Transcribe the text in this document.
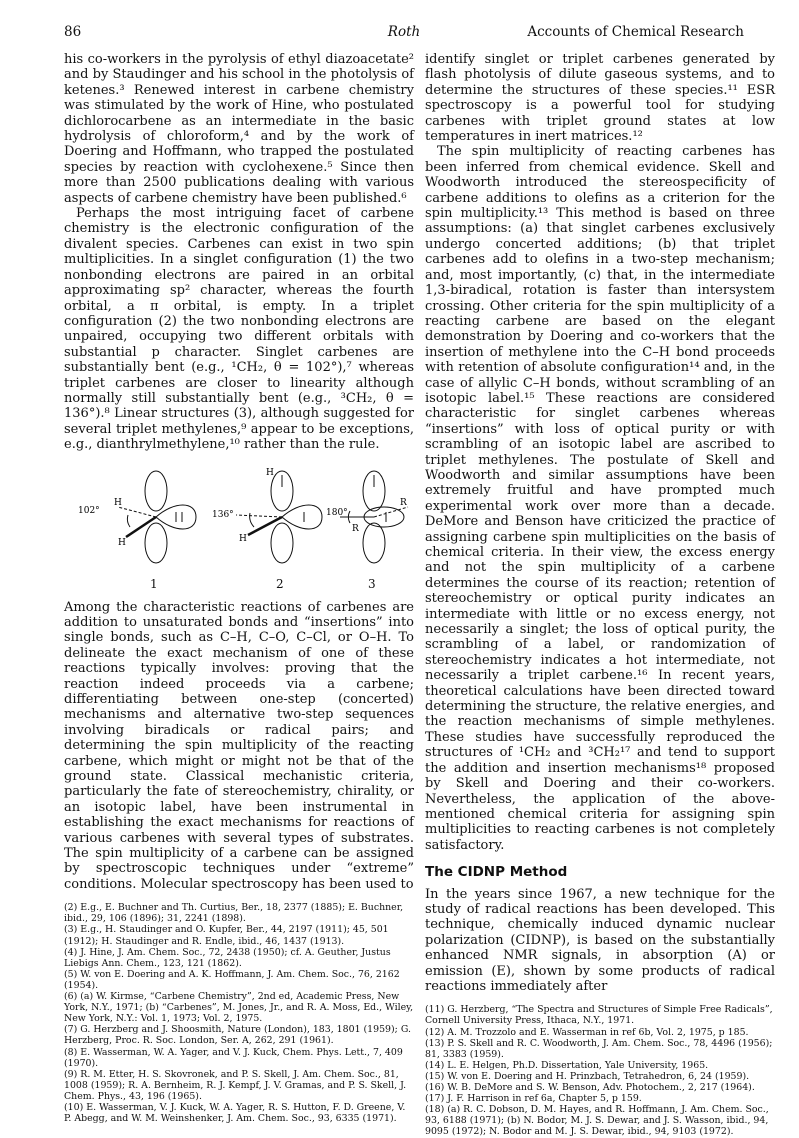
86	Roth	Accounts of Chemical Research

his co-workers in the pyrolysis of ethyl diazoacetate² and by Staudinger and his school in the photolysis of ketenes.³ Renewed interest in carbene chemistry was stimulated by the work of Hine, who postulated dichlorocarbene as an intermediate in the basic hydrolysis of chloroform,⁴ and by the work of Doering and Hoffmann, who trapped the postulated species by reaction with cyclohexene.⁵ Since then more than 2500 publications dealing with various aspects of carbene chemistry have been published.⁶

Perhaps the most intriguing facet of carbene chemistry is the electronic configuration of the divalent species. Carbenes can exist in two spin multiplicities. In a singlet configuration (1) the two nonbonding electrons are paired in an orbital approximating sp² character, whereas the fourth orbital, a π orbital, is empty. In a triplet configuration (2) the two nonbonding electrons are unpaired, occupying two different orbitals with substantial p character. Singlet carbenes are substantially bent (e.g., ¹CH₂, θ = 102°),⁷ whereas triplet carbenes are closer to linearity although normally still substantially bent (e.g., ³CH₂, θ = 136°).⁸ Linear structures (3), although suggested for several triplet methylenes,⁹ appear to be exceptions, e.g., dianthrylmethylene,¹⁰ rather than the rule.

102°
H
H
136°
H
H
180°
R
R
1	2	3

Among the characteristic reactions of carbenes are addition to unsaturated bonds and “insertions” into single bonds, such as C–H, C–O, C–Cl, or O–H. To delineate the exact mechanism of one of these reactions typically involves: proving that the reaction indeed proceeds via a carbene; differentiating between one-step (concerted) mechanisms and alternative two-step sequences involving biradicals or radical pairs; and determining the spin multiplicity of the reacting carbene, which might or might not be that of the ground state. Classical mechanistic criteria, particularly the fate of stereochemistry, chirality, or an isotopic label, have been instrumental in establishing the exact mechanisms for reactions of various carbenes with several types of substrates. The spin multiplicity of a carbene can be assigned by spectroscopic techniques under “extreme” conditions. Molecular spectroscopy has been used to

(2) E.g., E. Buchner and Th. Curtius, Ber., 18, 2377 (1885); E. Buchner, ibid., 29, 106 (1896); 31, 2241 (1898).
(3) E.g., H. Staudinger and O. Kupfer, Ber., 44, 2197 (1911); 45, 501 (1912); H. Staudinger and R. Endle, ibid., 46, 1437 (1913).
(4) J. Hine, J. Am. Chem. Soc., 72, 2438 (1950); cf. A. Geuther, Justus Liebigs Ann. Chem., 123, 121 (1862).
(5) W. von E. Doering and A. K. Hoffmann, J. Am. Chem. Soc., 76, 2162 (1954).
(6) (a) W. Kirmse, “Carbene Chemistry”, 2nd ed, Academic Press, New York, N.Y., 1971; (b) “Carbenes”, M. Jones, Jr., and R. A. Moss, Ed., Wiley, New York, N.Y.: Vol. 1, 1973; Vol. 2, 1975.
(7) G. Herzberg and J. Shoosmith, Nature (London), 183, 1801 (1959); G. Herzberg, Proc. R. Soc. London, Ser. A, 262, 291 (1961).
(8) E. Wasserman, W. A. Yager, and V. J. Kuck, Chem. Phys. Lett., 7, 409 (1970).
(9) R. M. Etter, H. S. Skovronek, and P. S. Skell, J. Am. Chem. Soc., 81, 1008 (1959); R. A. Bernheim, R. J. Kempf, J. V. Gramas, and P. S. Skell, J. Chem. Phys., 43, 196 (1965).
(10) E. Wasserman, V. J. Kuck, W. A. Yager, R. S. Hutton, F. D. Greene, V. P. Abegg, and W. M. Weinshenker, J. Am. Chem. Soc., 93, 6335 (1971).

identify singlet or triplet carbenes generated by flash photolysis of dilute gaseous systems, and to determine the structures of these species.¹¹ ESR spectroscopy is a powerful tool for studying carbenes with triplet ground states at low temperatures in inert matrices.¹²

The spin multiplicity of reacting carbenes has been inferred from chemical evidence. Skell and Woodworth introduced the stereospecificity of carbene additions to olefins as a criterion for the spin multiplicity.¹³ This method is based on three assumptions: (a) that singlet carbenes exclusively undergo concerted additions; (b) that triplet carbenes add to olefins in a two-step mechanism; and, most importantly, (c) that, in the intermediate 1,3-biradical, rotation is faster than intersystem crossing. Other criteria for the spin multiplicity of a reacting carbene are based on the elegant demonstration by Doering and co-workers that the insertion of methylene into the C–H bond proceeds with retention of absolute configuration¹⁴ and, in the case of allylic C–H bonds, without scrambling of an isotopic label.¹⁵ These reactions are considered characteristic for singlet carbenes whereas “insertions” with loss of optical purity or with scrambling of an isotopic label are ascribed to triplet methylenes. The postulate of Skell and Woodworth and similar assumptions have been extremely fruitful and have prompted much experimental work over more than a decade. DeMore and Benson have criticized the practice of assigning carbene spin multiplicities on the basis of chemical criteria. In their view, the excess energy and not the spin multiplicity of a carbene determines the course of its reaction; retention of stereochemistry or optical purity indicates an intermediate with little or no excess energy, not necessarily a singlet; the loss of optical purity, the scrambling of a label, or randomization of stereochemistry indicates a hot intermediate, not necessarily a triplet carbene.¹⁶ In recent years, theoretical calculations have been directed toward determining the structure, the relative energies, and the reaction mechanisms of simple methylenes. These studies have successfully reproduced the structures of ¹CH₂ and ³CH₂¹⁷ and tend to support the addition and insertion mechanisms¹⁸ proposed by Skell and Doering and their co-workers. Nevertheless, the application of the above-mentioned chemical criteria for assigning spin multiplicities to reacting carbenes is not completely satisfactory.

The CIDNP Method

In the years since 1967, a new technique for the study of radical reactions has been developed. This technique, chemically induced dynamic nuclear polarization (CIDNP), is based on the substantially enhanced NMR signals, in absorption (A) or emission (E), shown by some products of radical reactions immediately after

(11) G. Herzberg, “The Spectra and Structures of Simple Free Radicals”, Cornell University Press, Ithaca, N.Y., 1971.
(12) A. M. Trozzolo and E. Wasserman in ref 6b, Vol. 2, 1975, p 185.
(13) P. S. Skell and R. C. Woodworth, J. Am. Chem. Soc., 78, 4496 (1956); 81, 3383 (1959).
(14) L. E. Helgen, Ph.D. Dissertation, Yale University, 1965.
(15) W. von E. Doering and H. Prinzbach, Tetrahedron, 6, 24 (1959).
(16) W. B. DeMore and S. W. Benson, Adv. Photochem., 2, 217 (1964).
(17) J. F. Harrison in ref 6a, Chapter 5, p 159.
(18) (a) R. C. Dobson, D. M. Hayes, and R. Hoffmann, J. Am. Chem. Soc., 93, 6188 (1971); (b) N. Bodor, M. J. S. Dewar, and J. S. Wasson, ibid., 94, 9095 (1972); N. Bodor and M. J. S. Dewar, ibid., 94, 9103 (1972).
